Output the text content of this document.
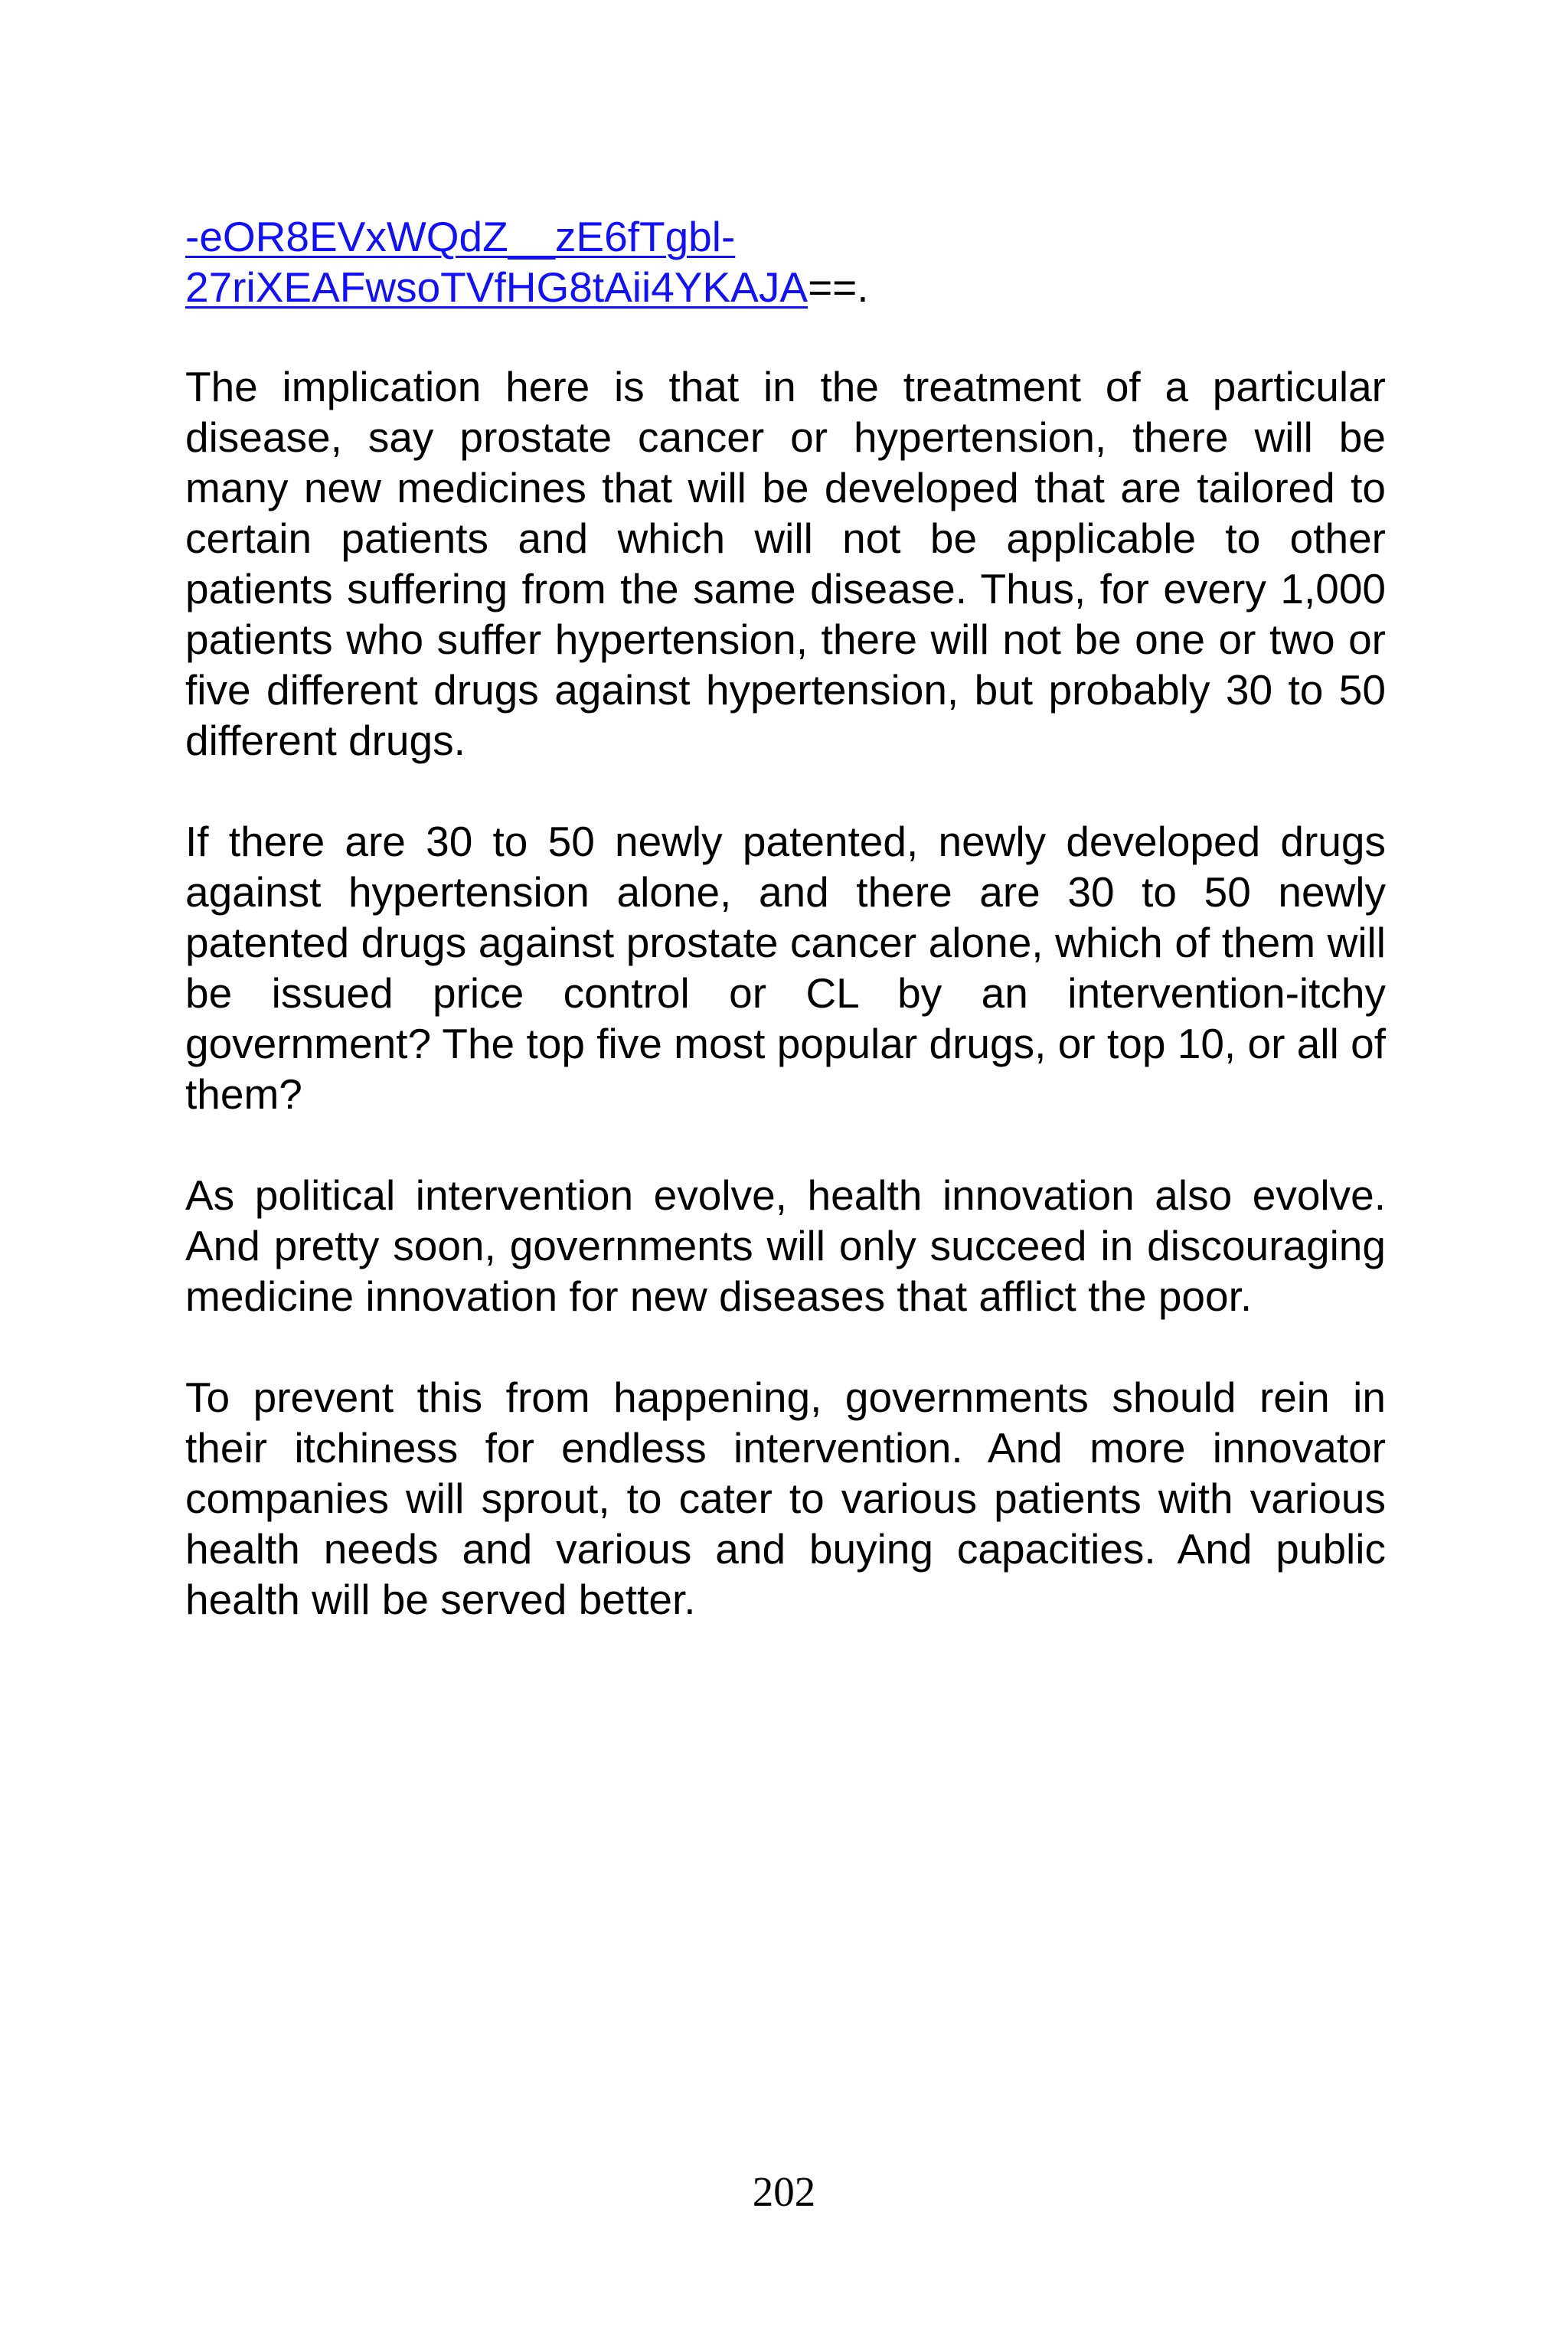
-eOR8EVxWQdZ__zE6fTgbl-
27riXEAFwsoTVfHG8tAii4YKAJA==.

The implication here is that in the treatment of a particular disease, say prostate cancer or hypertension, there will be many new medicines that will be developed that are tailored to certain patients and which will not be applicable to other patients suffering from the same disease. Thus, for every 1,000 patients who suffer hypertension, there will not be one or two or five different drugs against hypertension, but probably 30 to 50 different drugs.

If there are 30 to 50 newly patented, newly developed drugs against hypertension alone, and there are 30 to 50 newly patented drugs against prostate cancer alone, which of them will be issued price control or CL by an intervention-itchy government? The top five most popular drugs, or top 10, or all of them?

As political intervention evolve, health innovation also evolve. And pretty soon, governments will only succeed in discouraging medicine innovation for new diseases that afflict the poor.

To prevent this from happening, governments should rein in their itchiness for endless intervention. And more innovator companies will sprout, to cater to various patients with various health needs and various and buying capacities. And public health will be served better.

202
